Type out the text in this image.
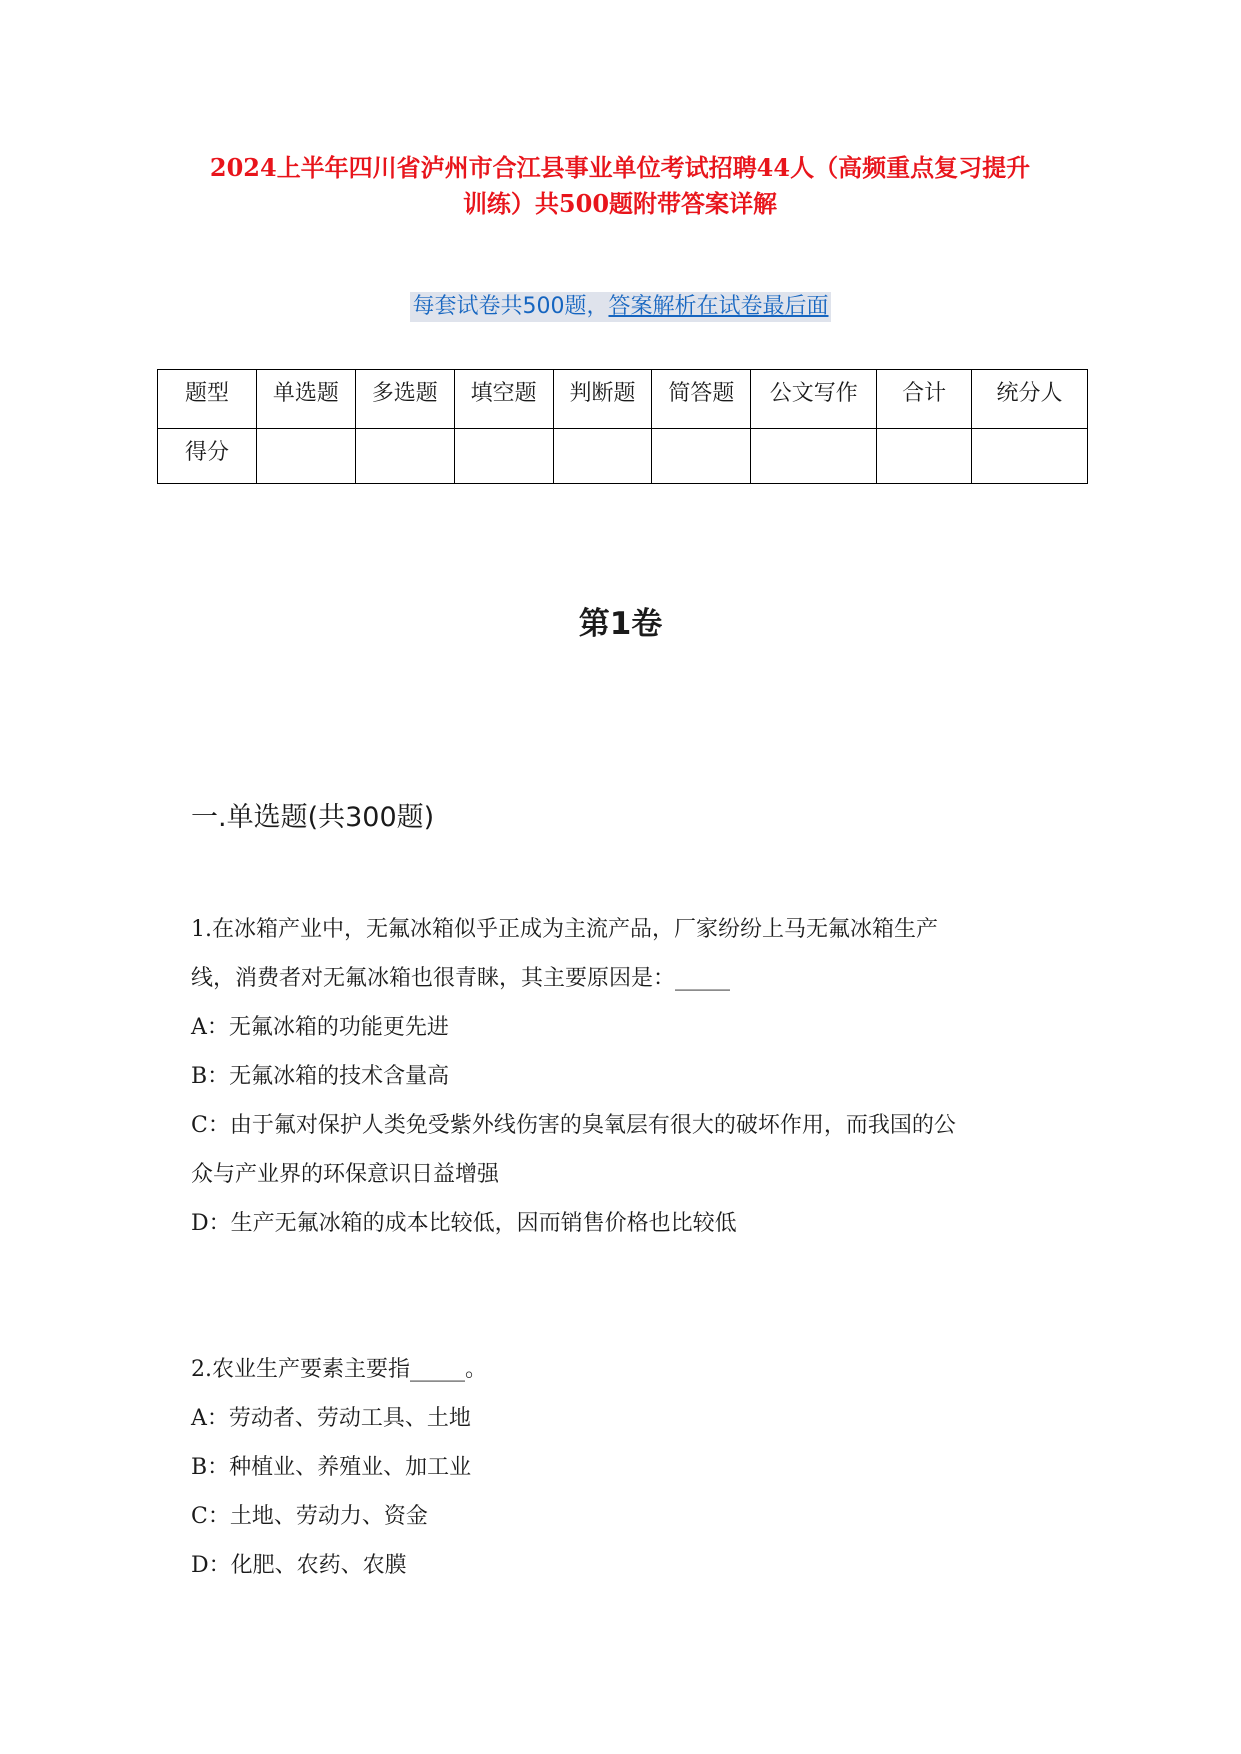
2024上半年四川省泸州市合江县事业单位考试招聘44人（高频重点复习提升
训练）共500题附带答案详解
每套试卷共500题，答案解析在试卷最后面
题型	单选题	多选题	填空题	判断题	简答题	公文写作	合计	统分人
得分								
第1卷
一.单选题(共300题)

1.在冰箱产业中，无氟冰箱似乎正成为主流产品，厂家纷纷上马无氟冰箱生产

线，消费者对无氟冰箱也很青睐，其主要原因是：_____

A：无氟冰箱的功能更先进

B：无氟冰箱的技术含量高

C：由于氟对保护人类免受紫外线伤害的臭氧层有很大的破坏作用，而我国的公

众与产业界的环保意识日益增强

D：生产无氟冰箱的成本比较低，因而销售价格也比较低

2.农业生产要素主要指_____。

A：劳动者、劳动工具、土地

B：种植业、养殖业、加工业

C：土地、劳动力、资金

D：化肥、农药、农膜
